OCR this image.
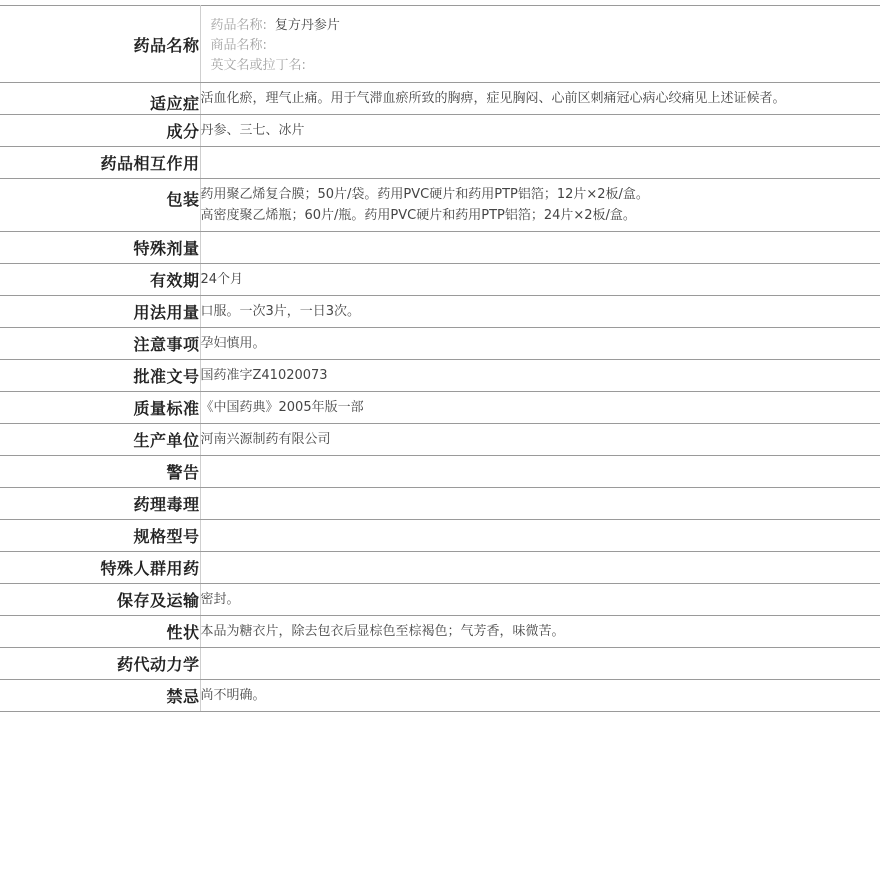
药品名称	药品名称: 复方丹参片
商品名称:
英文名或拉丁名:

适应症	活血化瘀，理气止痛。用于气滞血瘀所致的胸痹，症见胸闷、心前区刺痛冠心病心绞痛见上述证候者。
成分	丹参、三七、冰片
药品相互作用	
包装	药用聚乙烯复合膜；50片/袋。药用PVC硬片和药用PTP铝箔；12片×2板/盒。
高密度聚乙烯瓶；60片/瓶。药用PVC硬片和药用PTP铝箔；24片×2板/盒。

特殊剂量	
有效期	24个月
用法用量	口服。一次3片，一日3次。
注意事项	孕妇慎用。
批准文号	国药准字Z41020073
质量标准	《中国药典》2005年版一部
生产单位	河南兴源制药有限公司
警告	
药理毒理	
规格型号	
特殊人群用药	
保存及运输	密封。
性状	本品为糖衣片，除去包衣后显棕色至棕褐色；气芳香，味微苦。
药代动力学	
禁忌	尚不明确。
